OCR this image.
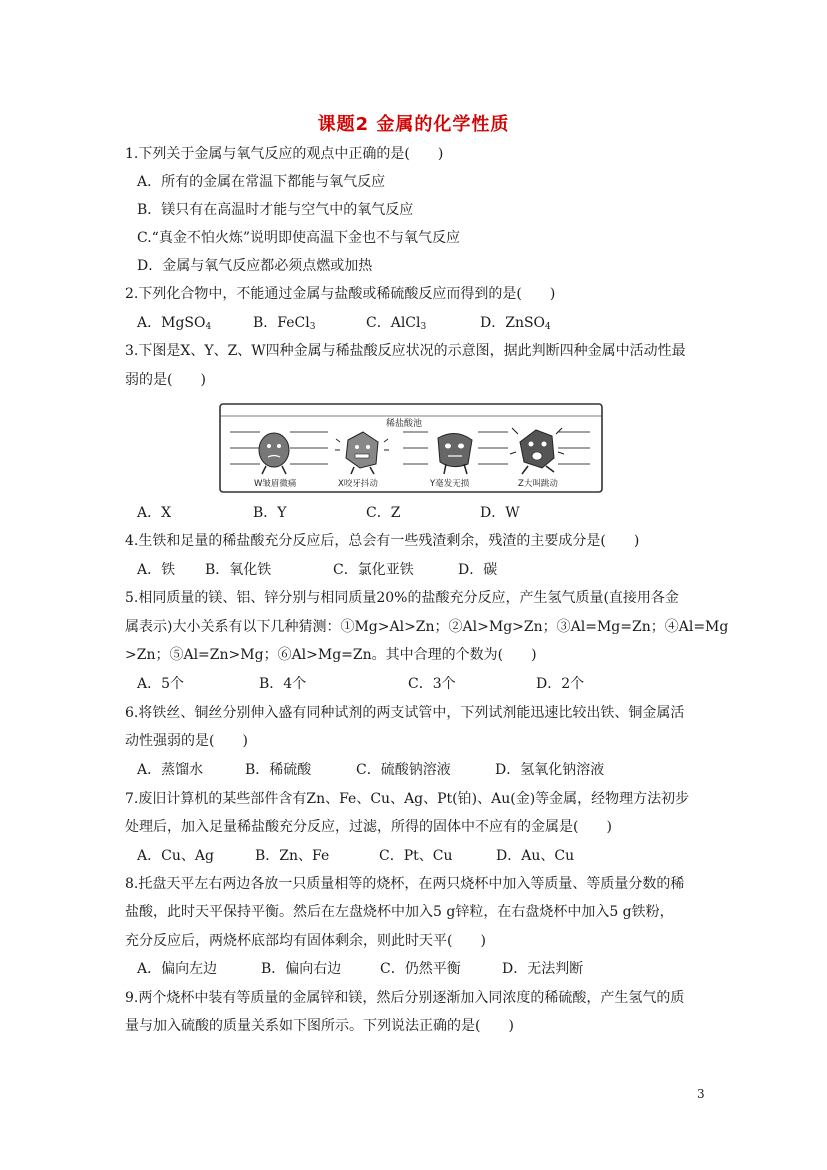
课题2 金属的化学性质
1.下列关于金属与氧气反应的观点中正确的是(　　)
A．所有的金属在常温下都能与氧气反应
B．镁只有在高温时才能与空气中的氧气反应
C.“真金不怕火炼”说明即使高温下金也不与氧气反应
D．金属与氧气反应都必须点燃或加热
2.下列化合物中，不能通过金属与盐酸或稀硫酸反应而得到的是(　　)
A．MgSO$_4$	B．FeCl$_3$	C．AlCl$_3$	D．ZnSO$_4$
3.下图是X、Y、Z、W四种金属与稀盐酸反应状况的示意图，据此判断四种金属中活动性最
弱的是(　　)
稀盐酸池
W皱眉微痛	X咬牙抖动	Y毫发无损	Z大叫跳动
A．X	B．Y	C．Z	D．W
4.生铁和足量的稀盐酸充分反应后，总会有一些残渣剩余，残渣的主要成分是(　　)
A．铁 B．氧化铁	C．氯化亚铁	D．碳
5.相同质量的镁、铝、锌分别与相同质量20%的盐酸充分反应，产生氢气质量(直接用各金
属表示)大小关系有以下几种猜测：①Mg>Al>Zn；②Al>Mg>Zn；③Al=Mg=Zn；④Al=Mg
>Zn；⑤Al=Zn>Mg；⑥Al>Mg=Zn。其中合理的个数为(　　)
A．5个	B．4个	C．3个	D．2个
6.将铁丝、铜丝分别伸入盛有同种试剂的两支试管中，下列试剂能迅速比较出铁、铜金属活
动性强弱的是(　　)
A．蒸馏水	B．稀硫酸	C．硫酸钠溶液	D．氢氧化钠溶液
7.废旧计算机的某些部件含有Zn、Fe、Cu、Ag、Pt(铂)、Au(金)等金属，经物理方法初步
处理后，加入足量稀盐酸充分反应，过滤，所得的固体中不应有的金属是(　　)
A．Cu、Ag	B．Zn、Fe	C．Pt、Cu	D．Au、Cu
8.托盘天平左右两边各放一只质量相等的烧杯，在两只烧杯中加入等质量、等质量分数的稀
盐酸，此时天平保持平衡。然后在左盘烧杯中加入5 g锌粒，在右盘烧杯中加入5 g铁粉，
充分反应后，两烧杯底部均有固体剩余，则此时天平(　　)
A．偏向左边	B．偏向右边	C．仍然平衡	D．无法判断
9.两个烧杯中装有等质量的金属锌和镁，然后分别逐渐加入同浓度的稀硫酸，产生氢气的质
量与加入硫酸的质量关系如下图所示。下列说法正确的是(　　)
3
